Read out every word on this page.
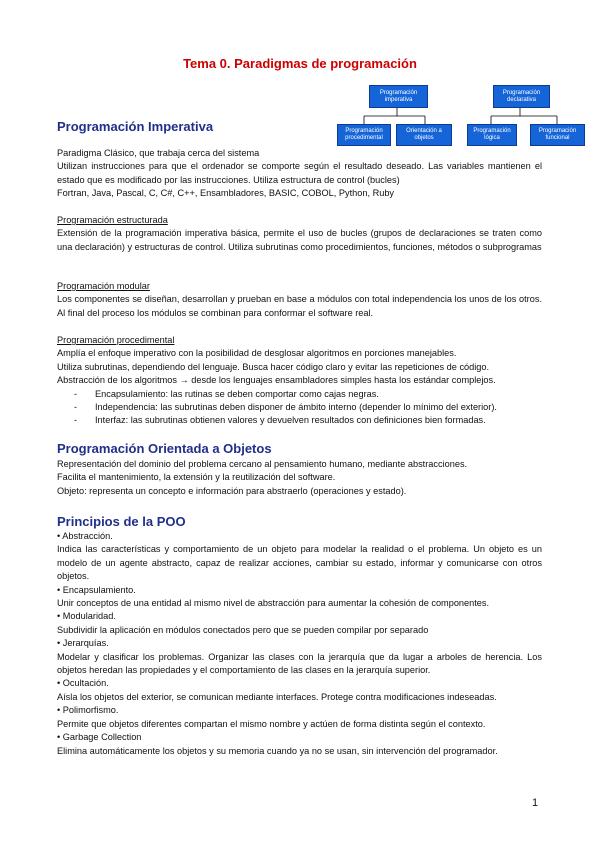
Tema 0. Paradigmas de programación
Programación imperativa
Programación procedimental
Orientación a objetos
Programación declarativa
Programación lógica
Programación funcional
Programación Imperativa
Paradigma Clásico, que trabaja cerca del sistema
Utilizan instrucciones para que el ordenador se comporte según el resultado deseado. Las variables mantienen el estado que es modificado por las instrucciones. Utiliza estructura de control (bucles)
Fortran, Java, Pascal, C, C#, C++, Ensambladores, BASIC, COBOL, Python, Ruby
Programación estructurada
Extensión de la programación imperativa básica, permite el uso de bucles (grupos de declaraciones se traten como una declaración) y estructuras de control. Utiliza subrutinas como procedimientos, funciones, métodos o subprogramas
Programación modular
Los componentes se diseñan, desarrollan y prueban en base a módulos con total independencia los unos de los otros. Al final del proceso los módulos se combinan para conformar el software real.
Programación procedimental
Amplía el enfoque imperativo con la posibilidad de desglosar algoritmos en porciones manejables.
Utiliza subrutinas, dependiendo del lenguaje. Busca hacer código claro y evitar las repeticiones de código.
Abstracción de los algoritmos → desde los lenguajes ensambladores simples hasta los estándar complejos.
- Encapsulamiento: las rutinas se deben comportar como cajas negras.
- Independencia: las subrutinas deben disponer de ámbito interno (depender lo mínimo del exterior).
- Interfaz: las subrutinas obtienen valores y devuelven resultados con definiciones bien formadas.
Programación Orientada a Objetos
Representación del dominio del problema cercano al pensamiento humano, mediante abstracciones.
Facilita el mantenimiento, la extensión y la reutilización del software.
Objeto: representa un concepto e información para abstraerlo (operaciones y estado).
Principios de la POO
• Abstracción.
Indica las características y comportamiento de un objeto para modelar la realidad o el problema. Un objeto es un modelo de un agente abstracto, capaz de realizar acciones, cambiar su estado, informar y comunicarse con otros objetos.
• Encapsulamiento.
Unir conceptos de una entidad al mismo nivel de abstracción para aumentar la cohesión de componentes.
• Modularidad.
Subdividir la aplicación en módulos conectados pero que se pueden compilar por separado
• Jerarquías.
Modelar y clasificar los problemas. Organizar las clases con la jerarquía que da lugar a arboles de herencia. Los objetos heredan las propiedades y el comportamiento de las clases en la jerarquía superior.
• Ocultación.
Aísla los objetos del exterior, se comunican mediante interfaces. Protege contra modificaciones indeseadas.
• Polimorfismo.
Permite que objetos diferentes compartan el mismo nombre y actúen de forma distinta según el contexto.
• Garbage Collection
Elimina automáticamente los objetos y su memoria cuando ya no se usan, sin intervención del programador.
1
